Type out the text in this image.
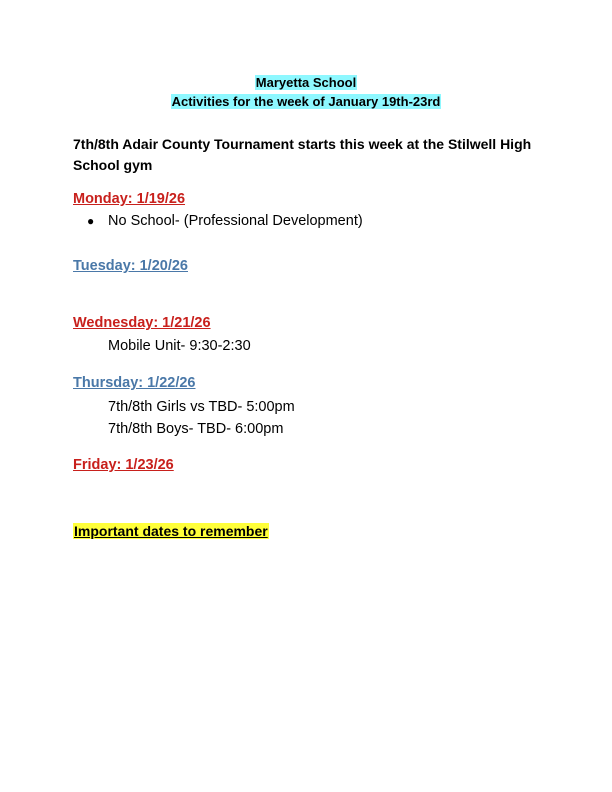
Maryetta School
Activities for the week of January 19th-23rd
7th/8th Adair County Tournament starts this week at the Stilwell High School gym
Monday: 1/19/26
● No School- (Professional Development)
Tuesday: 1/20/26
Wednesday: 1/21/26
Mobile Unit- 9:30-2:30
Thursday: 1/22/26
7th/8th Girls vs TBD- 5:00pm
7th/8th Boys- TBD- 6:00pm
Friday: 1/23/26
Important dates to remember
